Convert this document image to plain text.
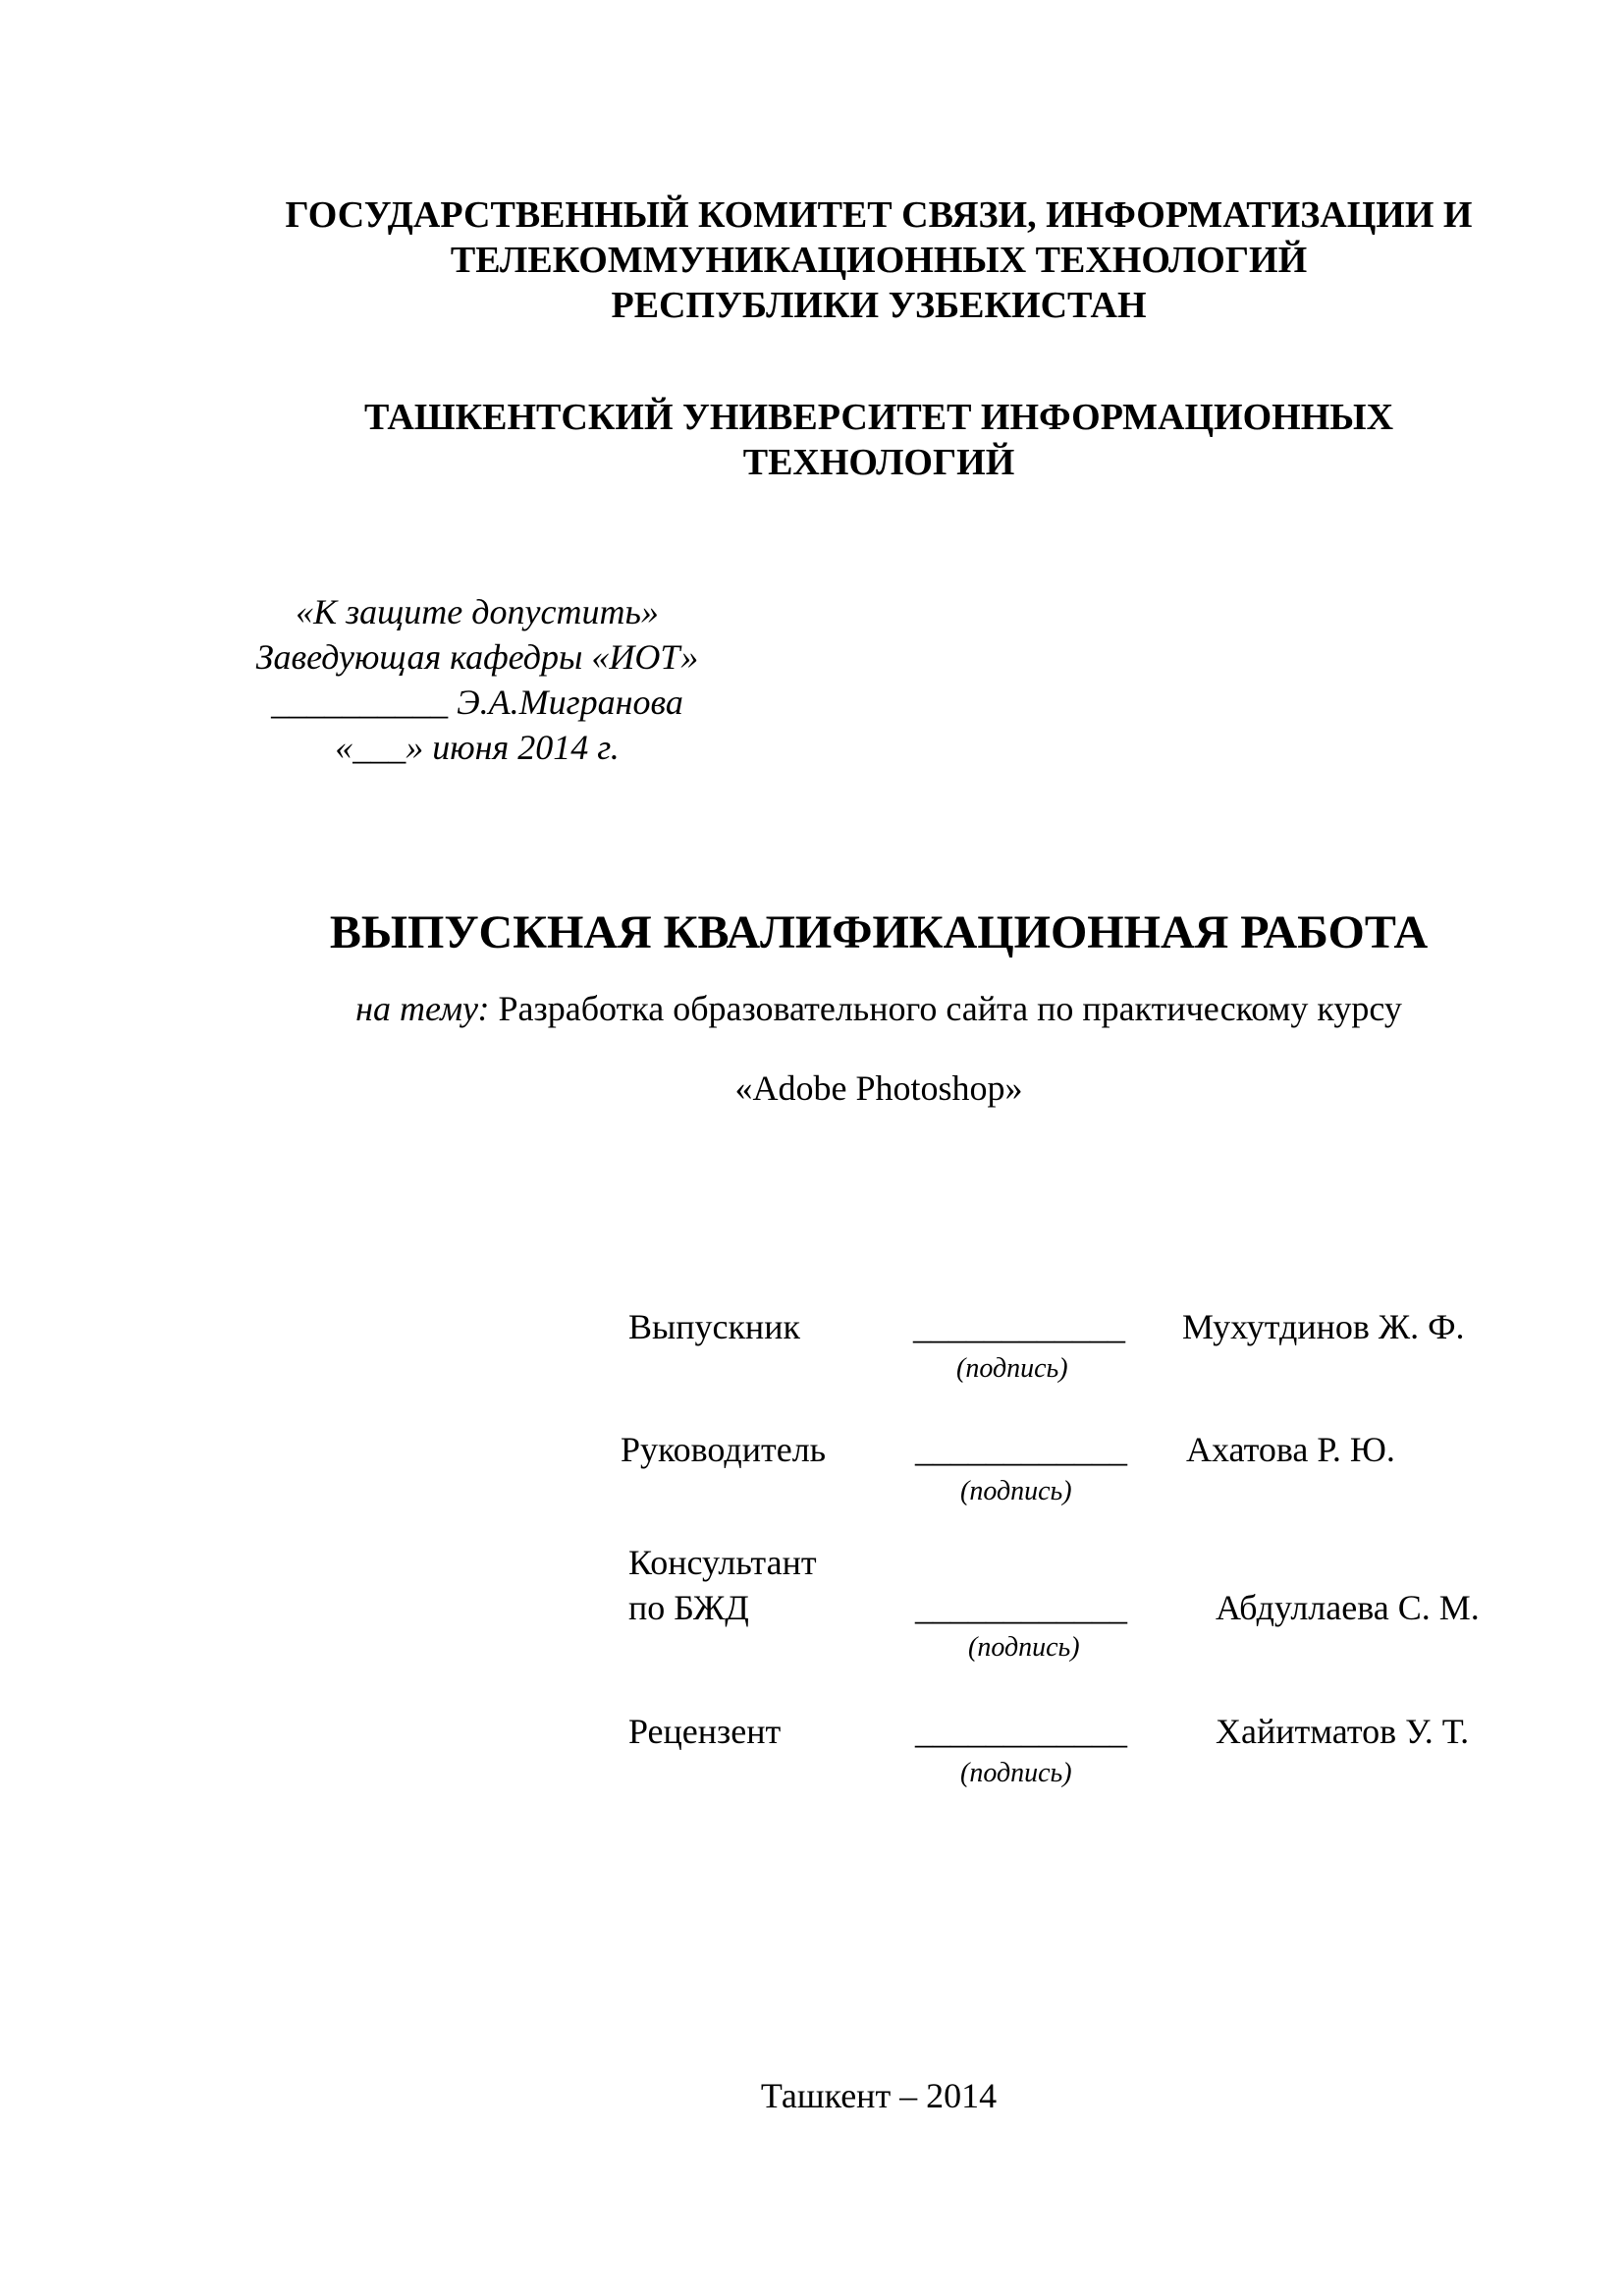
ГОСУДАРСТВЕННЫЙ КОМИТЕТ СВЯЗИ, ИНФОРМАТИЗАЦИИ И
ТЕЛЕКОММУНИКАЦИОННЫХ ТЕХНОЛОГИЙ
РЕСПУБЛИКИ УЗБЕКИСТАН
ТАШКЕНТСКИЙ УНИВЕРСИТЕТ ИНФОРМАЦИОННЫХ
ТЕХНОЛОГИЙ
«К защите допустить»
Заведующая кафедры «ИОТ»
__________ Э.А.Мигранова
«___» июня 2014 г.
ВЫПУСКНАЯ КВАЛИФИКАЦИОННАЯ РАБОТА
на тему: Разработка образовательного сайта по практическому курсу
«Adobe Photoshop»
Выпускник	____________ Мухутдинов Ж. Ф.
(подпись)
Руководитель	____________ Ахатова Р. Ю.
(подпись)
Консультант
по БЖД	____________	Абдуллаева С. М.
(подпись)
Рецензент	____________	Хайитматов У. Т.
(подпись)
Ташкент – 2014
